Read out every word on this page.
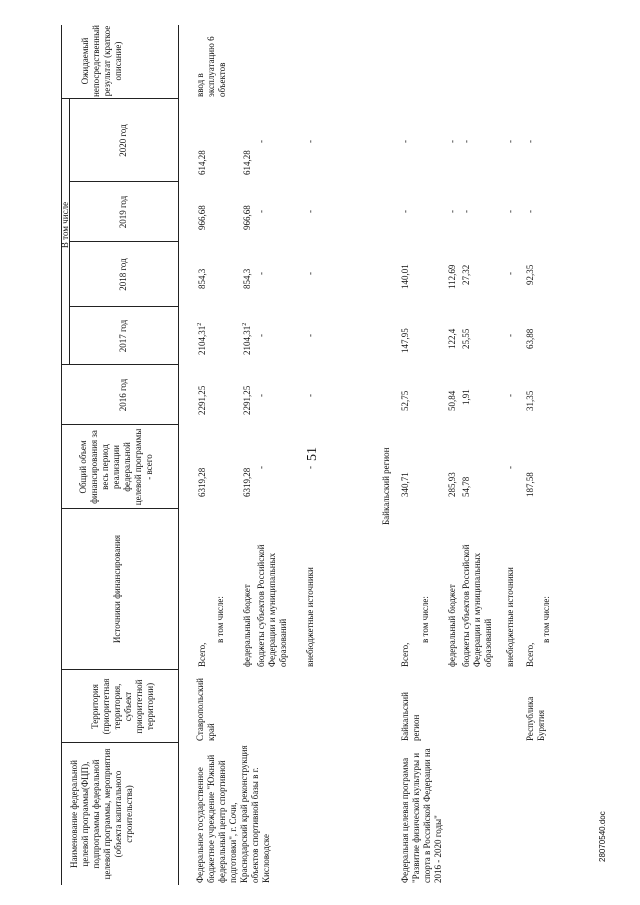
51
28070540.doc
Наименование федеральной целевой программы(ФЦП), подпрограммы федеральной целевой программы, мероприятия (объекта капитального строительства)
Территория (приоритетная территория, субъект приоритетной территории)
Источники финансирования
Общий объем финансирования за весь период реализации федеральной целевой программы - всего
В том числе
2016 год
2017 год
2018 год
2019 год
2020 год
Ожидаемый непосредственный результат (краткое описание)
Федеральное государственное бюджетное учреждение "Южный федеральный центр спортивной подготовки", г. Сочи, Краснодарский край реконструкция объектов спортивной базы в г. Кисловодске
Ставропольский край
ввод в эксплуатацию 6 объектов
Всего,
в том числе: федеральный бюджет бюджеты субъектов Российской Федерации и муниципальных образований внебюджетные источники
6319,28
2291,25
2104,31$^2$
854,3
966,68
614,28
6319,28
2291,25
2104,31$^2$
854,3
966,68
614,28
-
-
-
-
-
-
-
-
-
-
-
-
Байкальский регион
Федеральная целевая программа "Развитие физической культуры и спорта в Российской Федерации на 2016 - 2020 годы"
Байкальский регион
Всего,
в том числе: федеральный бюджет бюджеты субъектов Российской Федерации и муниципальных образований внебюджетные источники
340,71
52,75
147,95
140,01
-
-
285,93
50,84
122,4
112,69
-
-
54,78
1,91
25,55
27,32
-
-
-
-
-
-
-
-
Республика Бурятия
Всего,
в том числе:
187,58
31,35
63,88
92,35
-
-
